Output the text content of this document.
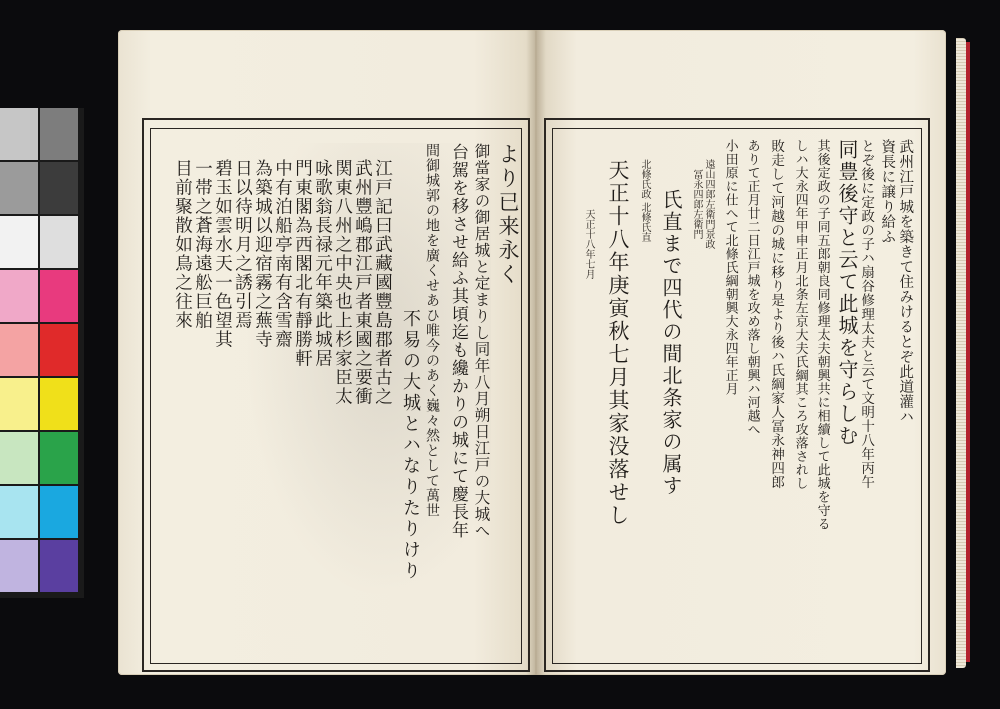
より已来永く
御當家の御居城と定まりし同年八月朔日江戸の大城へ
台駕を移させ給ふ其頃迄も纔かりの城にて慶長年
間御城郭の地を廣くせあひ唯今のあく巍々然として萬世
不易の大城とハなりたりけり
江戸記曰武藏國豐島郡者古之
武州豐嶋郡江戸者東國之要衝
関東八州之中央也上杉家臣太
咏歌翁長禄元年築此城居
門東閣為西閣北有靜勝軒
中有泊船亭南有含雪齋
為築城以迎宿霧之蕪寺
日以待明月之誘引焉
碧玉如雲水天一色望其
一帯之蒼海遠舩巨舶
目前聚散如鳥之往來	武州江戸城を築きて住みけるとぞ此道灌ハ
資長に譲り給ふ
とぞ後に定政の子ハ扇谷修理太夫と云て文明十八年丙午
同豊後守と云て此城を守らしむ
其後定政の子同五郎朝良同修理太夫朝興共に相續して此城を守る
しハ大永四年甲申正月北条左京大夫氏綱其ころ攻落されし
敗走して河越の城に移り是より後ハ氏綱家人冨永神四郎
ありて正月廿二日江戸城を攻め落し朝興ハ河越へ
小田原に仕へて北條氏綱朝興大永四年正月
遠山四郎左衛門景政
冨永四郎左衛門
氏直まで四代の間北条家の属す
北條氏政 北條氏直
天正十八年庚寅秋七月其家没落せし
天正十八年七月
